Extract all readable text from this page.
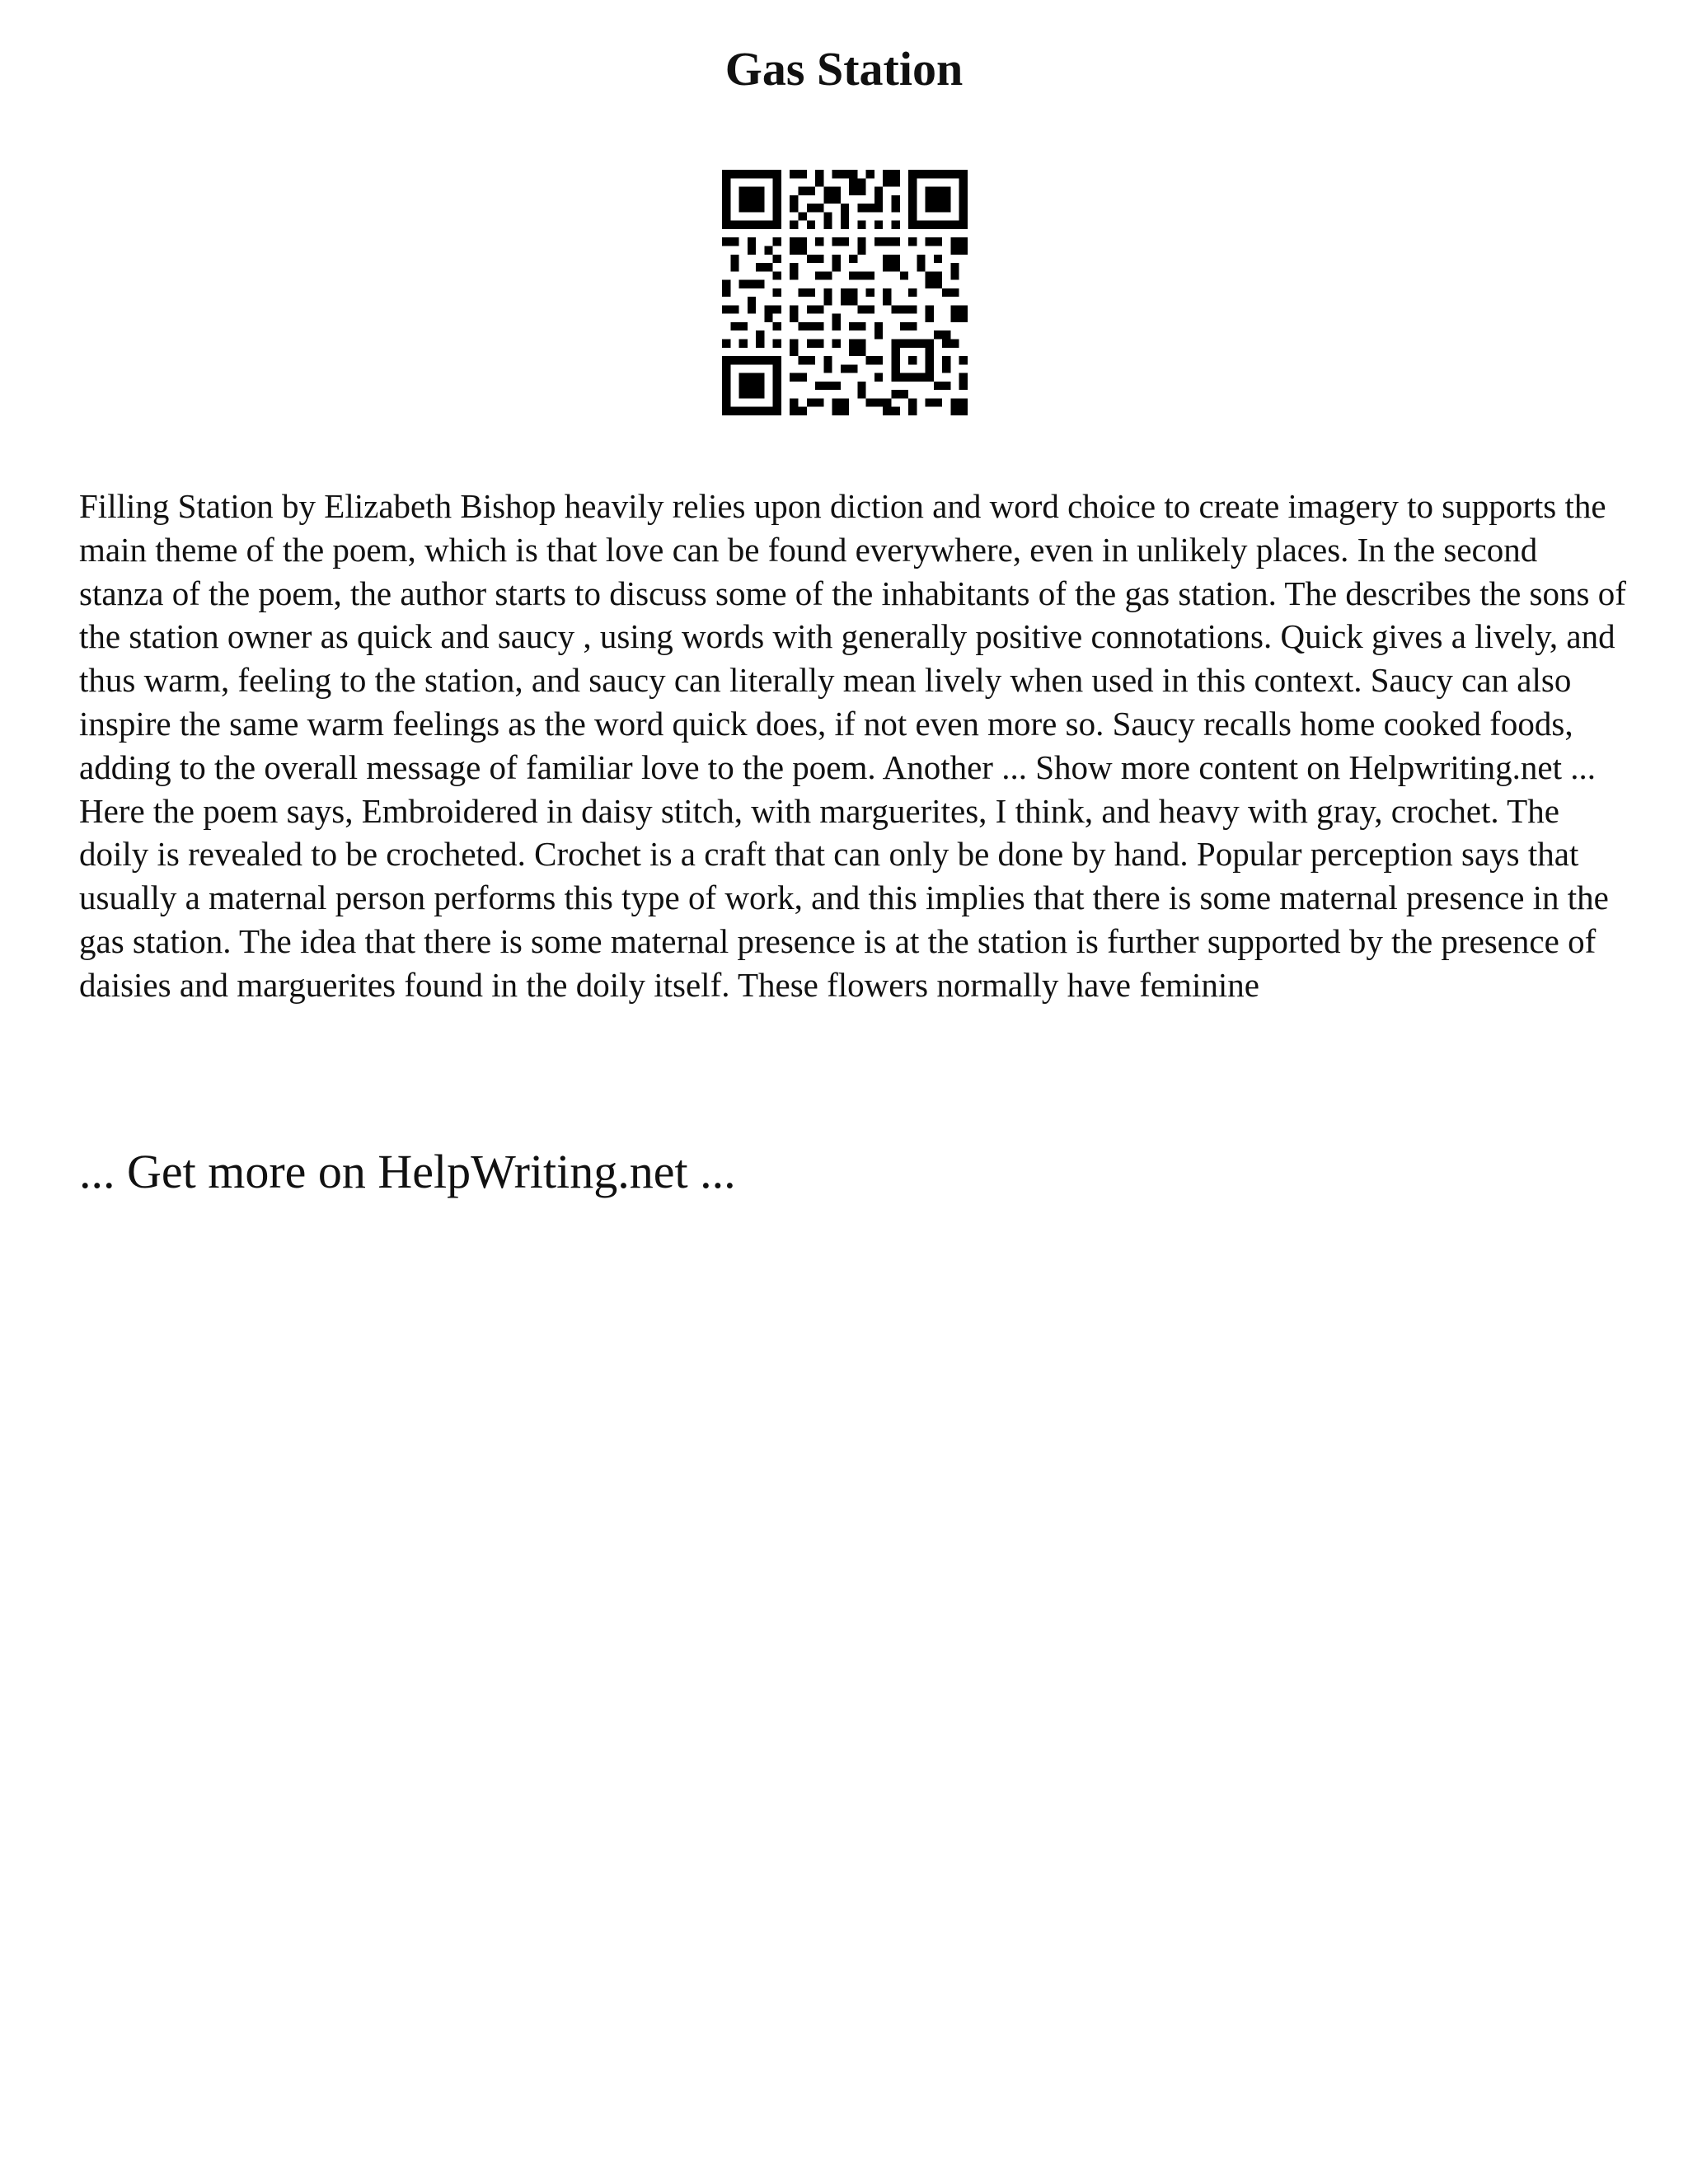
Gas Station

Filling Station by Elizabeth Bishop heavily relies upon diction and word choice to create imagery to supports the main theme of the poem, which is that love can be found everywhere, even in unlikely places. In the second stanza of the poem, the author starts to discuss some of the inhabitants of the gas station. The describes the sons of the station owner as quick and saucy , using words with generally positive connotations. Quick gives a lively, and thus warm, feeling to the station, and saucy can literally mean lively when used in this context. Saucy can also inspire the same warm feelings as the word quick does, if not even more so. Saucy recalls home cooked foods, adding to the overall message of familiar love to the poem. Another ... Show more content on Helpwriting.net ...

Here the poem says, Embroidered in daisy stitch, with marguerites, I think, and heavy with gray, crochet. The doily is revealed to be crocheted. Crochet is a craft that can only be done by hand. Popular perception says that usually a maternal person performs this type of work, and this implies that there is some maternal presence in the gas station. The idea that there is some maternal presence is at the station is further supported by the presence of daisies and marguerites found in the doily itself. These flowers normally have feminine

... Get more on HelpWriting.net ...
